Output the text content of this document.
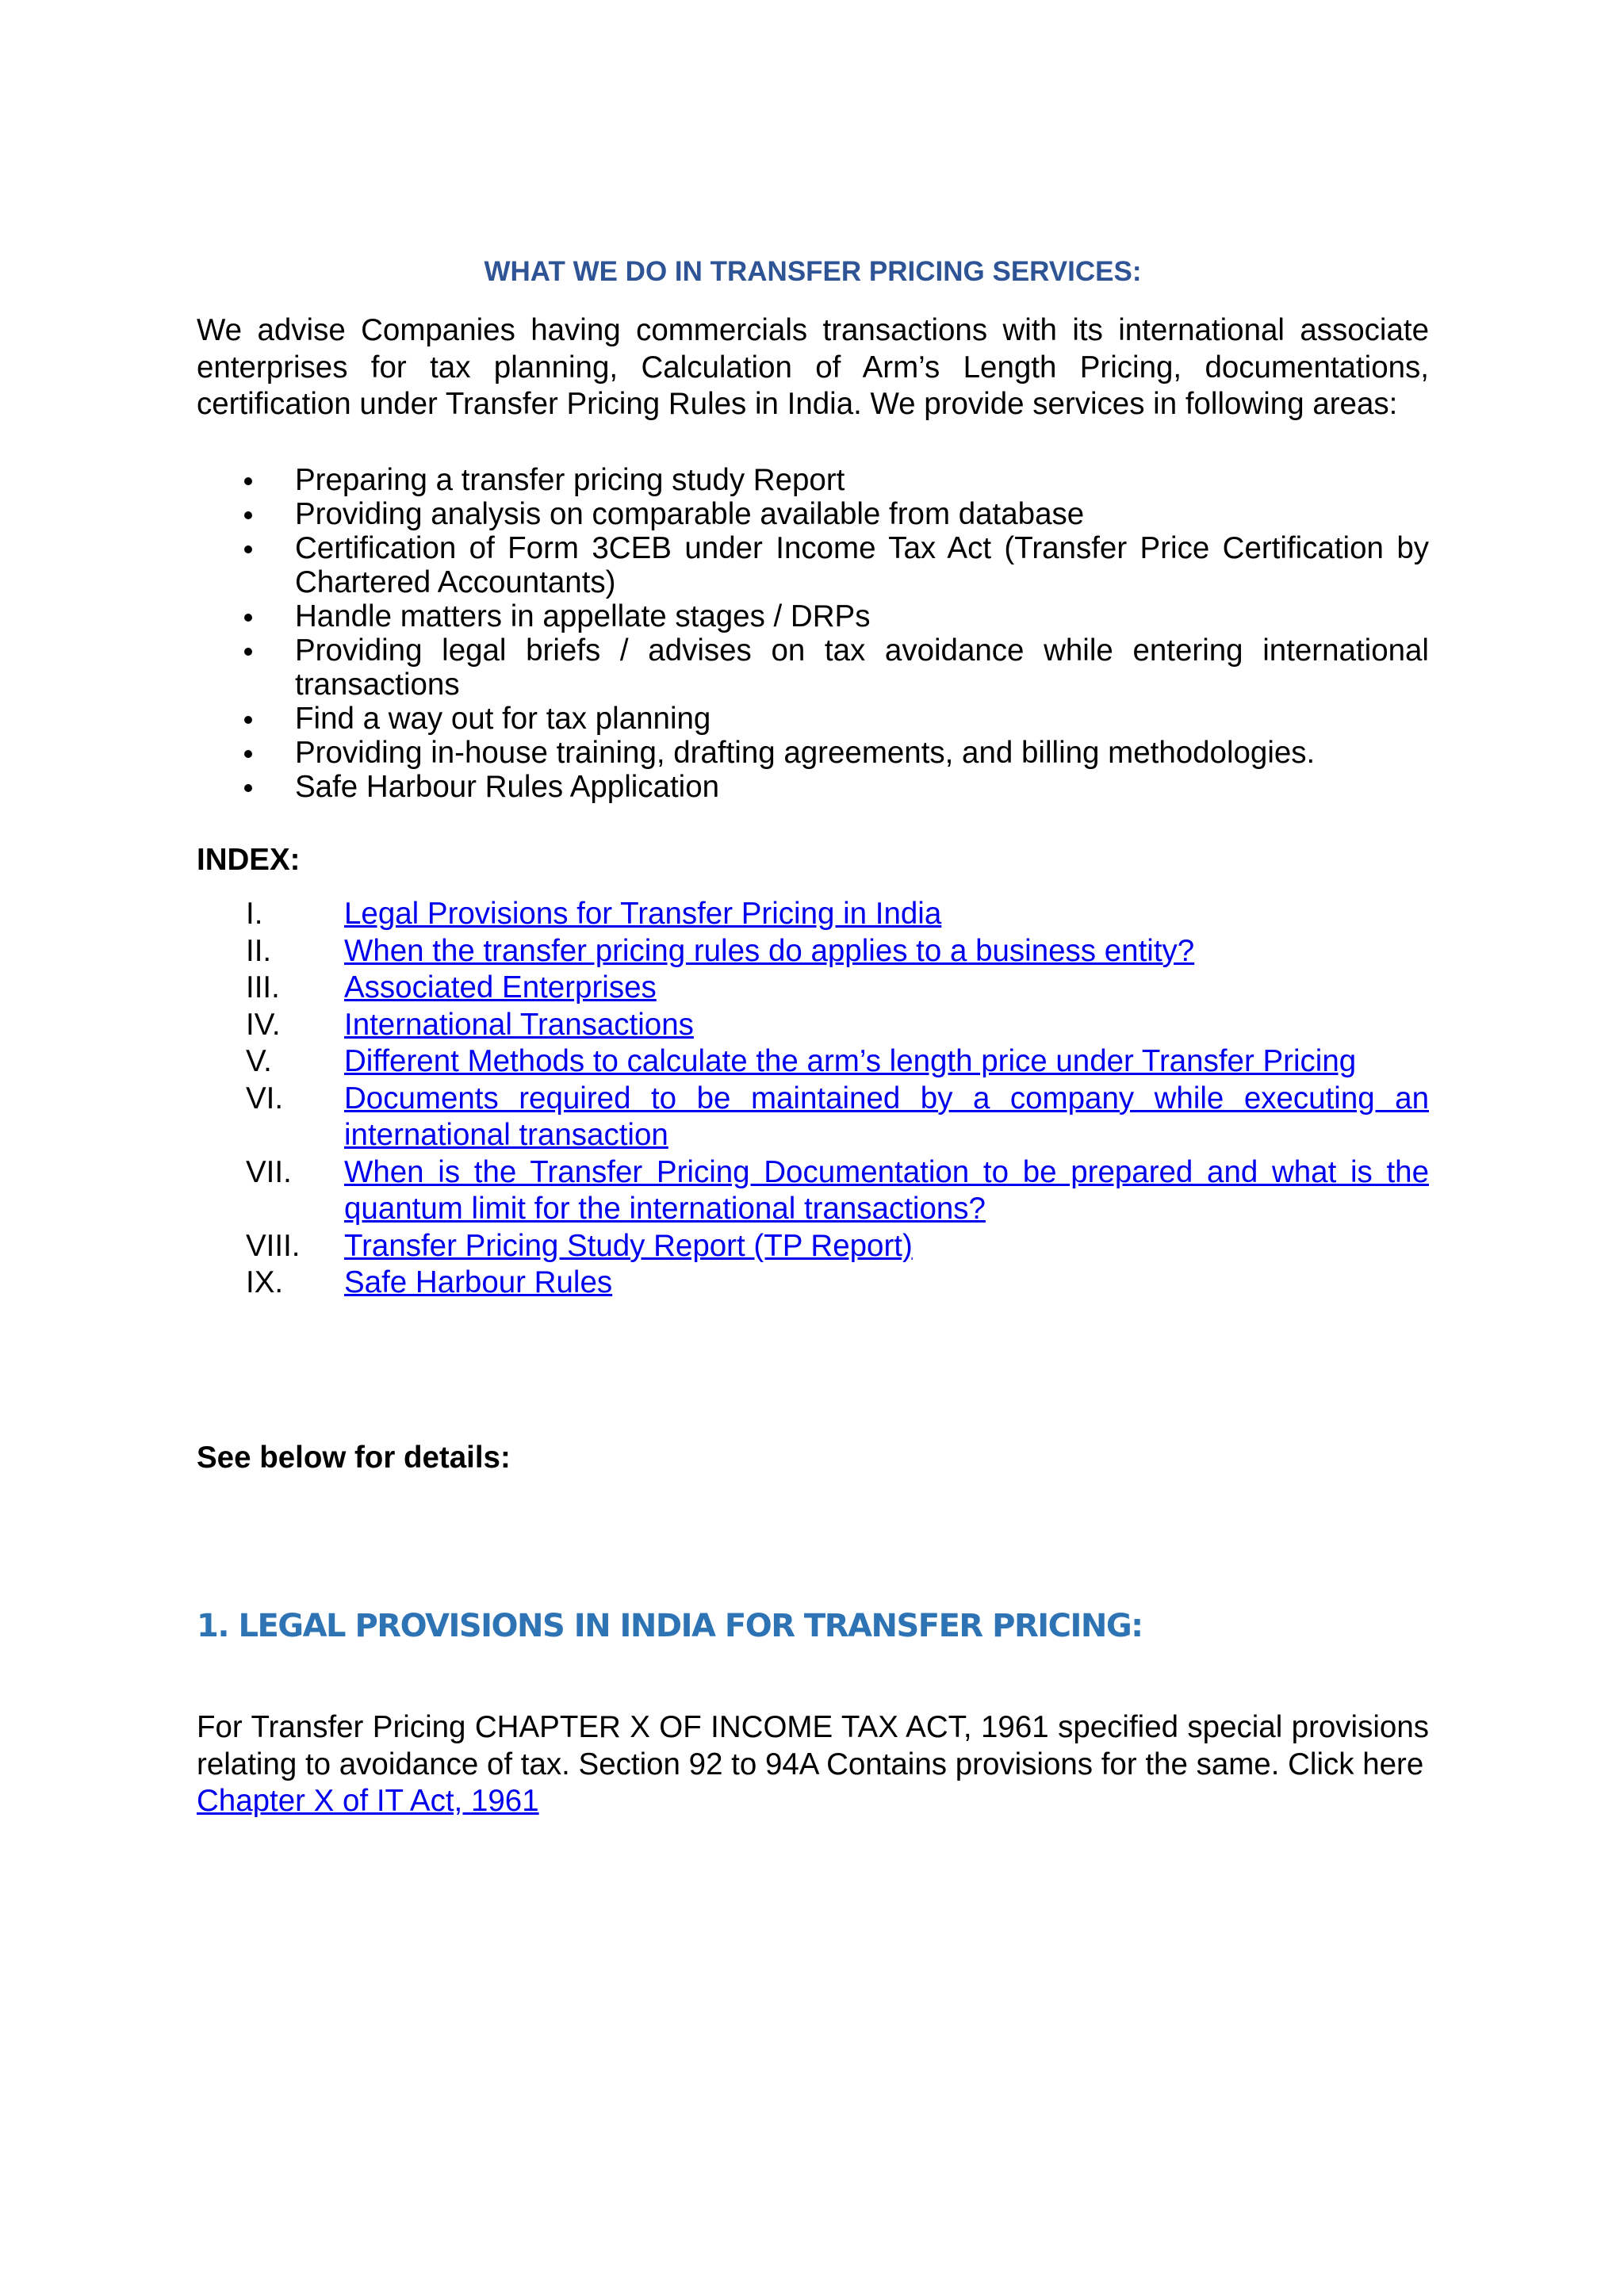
WHAT WE DO IN TRANSFER PRICING SERVICES:

We advise Companies having commercials transactions with its international associate enterprises for tax planning, Calculation of Arm’s Length Pricing, documentations, certification under Transfer Pricing Rules in India. We provide services in following areas:

Preparing a transfer pricing study Report
Providing analysis on comparable available from database
Certification of Form 3CEB under Income Tax Act (Transfer Price Certification by Chartered Accountants)
Handle matters in appellate stages / DRPs
Providing legal briefs / advises on tax avoidance while entering international transactions
Find a way out for tax planning
Providing in-house training, drafting agreements, and billing methodologies.
Safe Harbour Rules Application
INDEX:
I.	Legal Provisions for Transfer Pricing in India
II. When the transfer pricing rules do applies to a business entity?
III. Associated Enterprises
IV. International Transactions
V. Different Methods to calculate the arm’s length price under Transfer Pricing
VI. Documents required to be maintained by a company while executing an international transaction
VII. When is the Transfer Pricing Documentation to be prepared and what is the quantum limit for the international transactions?
VIII. Transfer Pricing Study Report (TP Report)
IX. Safe Harbour Rules

See below for details:

1. LEGAL PROVISIONS IN INDIA FOR TRANSFER PRICING:

For Transfer Pricing CHAPTER X OF INCOME TAX ACT, 1961 specified special provisions relating to avoidance of tax. Section 92 to 94A Contains provisions for the same. Click here
Chapter X of IT Act, 1961
